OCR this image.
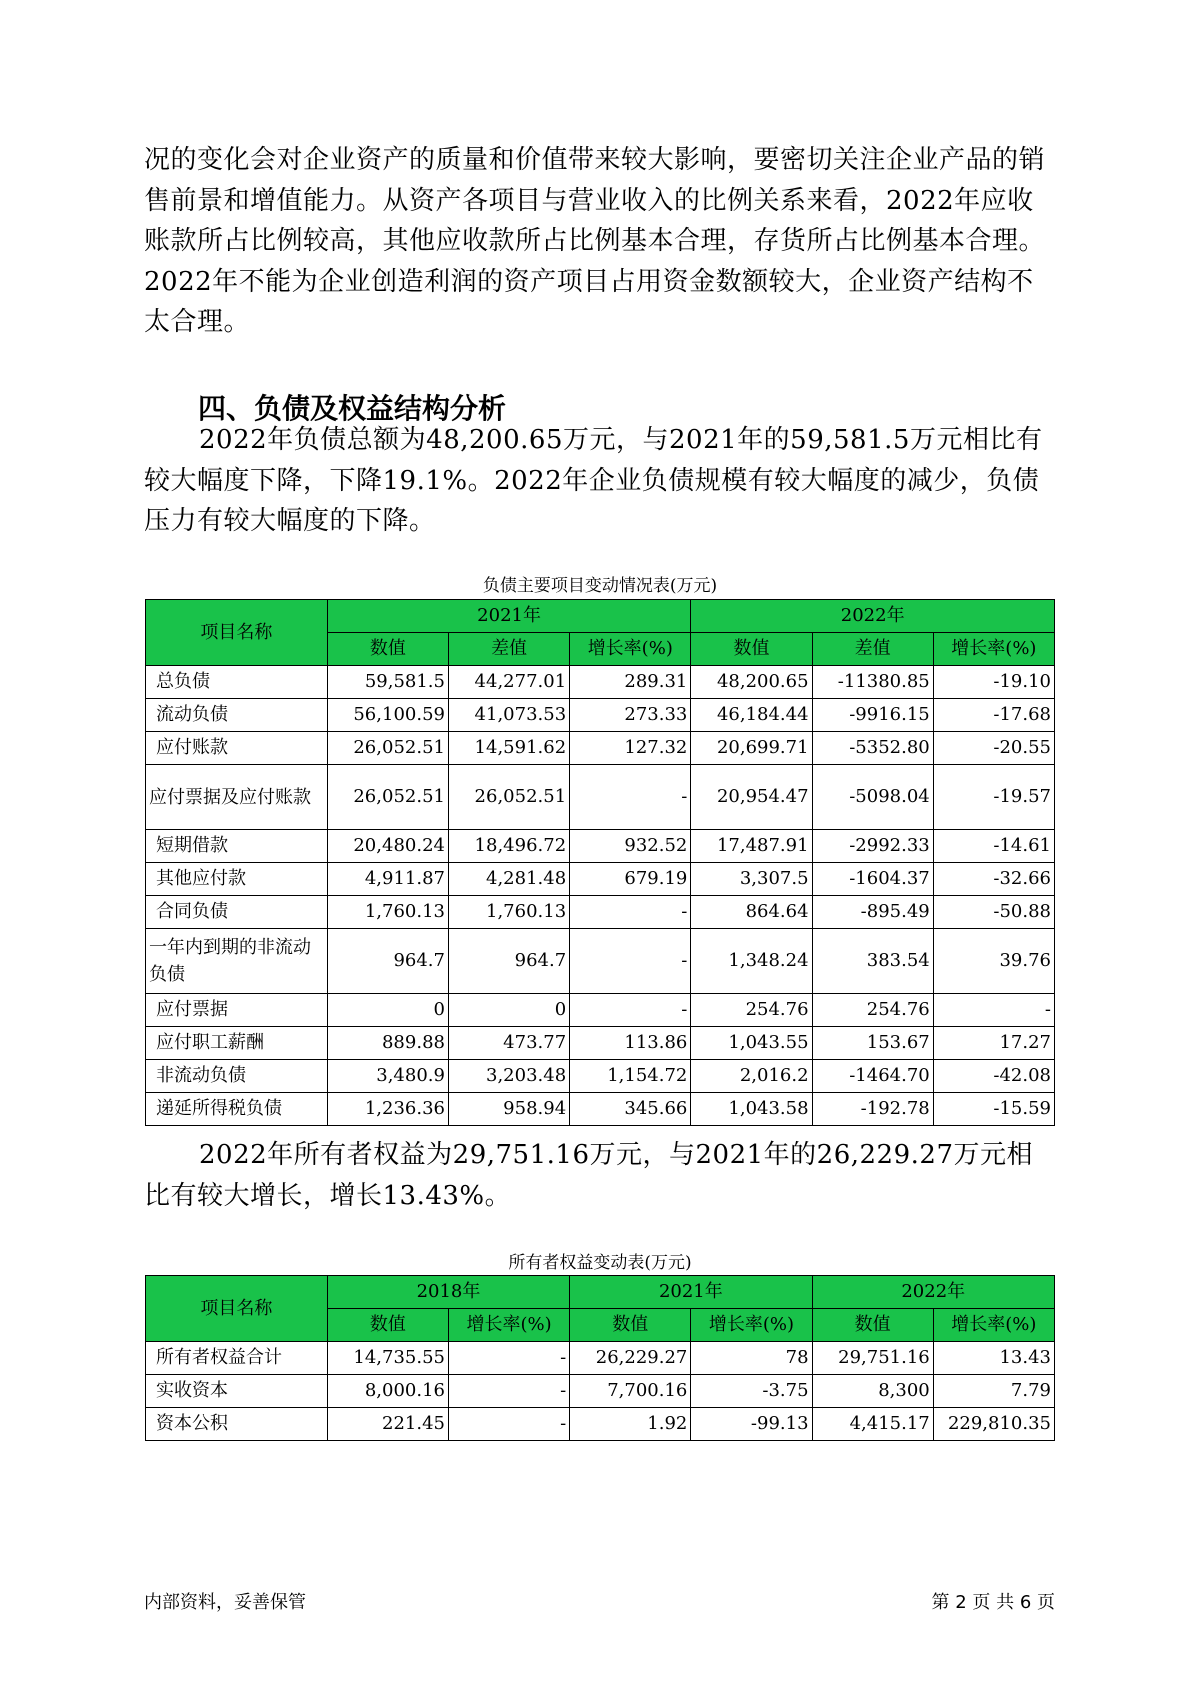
况的变化会对企业资产的质量和价值带来较大影响，要密切关注企业产品的销售前景和增值能力。从资产各项目与营业收入的比例关系来看，2022年应收账款所占比例较高，其他应收款所占比例基本合理，存货所占比例基本合理。2022年不能为企业创造利润的资产项目占用资金数额较大，企业资产结构不太合理。

四、负债及权益结构分析

2022年负债总额为48,200.65万元，与2021年的59,581.5万元相比有较大幅度下降，下降19.1%。2022年企业负债规模有较大幅度的减少，负债压力有较大幅度的下降。

负债主要项目变动情况表(万元)
项目名称	2021年			2022年		
	数值	差值	增长率(%)	数值	差值	增长率(%)
总负债	59,581.5	44,277.01	289.31	48,200.65	-11380.85	-19.10
流动负债	56,100.59	41,073.53	273.33	46,184.44	-9916.15	-17.68
应付账款	26,052.51	14,591.62	127.32	20,699.71	-5352.80	-20.55
应付票据及应付账款	26,052.51	26,052.51	-	20,954.47	-5098.04	-19.57
短期借款	20,480.24	18,496.72	932.52	17,487.91	-2992.33	-14.61
其他应付款	4,911.87	4,281.48	679.19	3,307.5	-1604.37	-32.66
合同负债	1,760.13	1,760.13	-	864.64	-895.49	-50.88
一年内到期的非流动负债	964.7	964.7	-	1,348.24	383.54	39.76
应付票据	0	0	-	254.76	254.76	-
应付职工薪酬	889.88	473.77	113.86	1,043.55	153.67	17.27
非流动负债	3,480.9	3,203.48	1,154.72	2,016.2	-1464.70	-42.08
递延所得税负债	1,236.36	958.94	345.66	1,043.58	-192.78	-15.59

2022年所有者权益为29,751.16万元，与2021年的26,229.27万元相比有较大增长，增长13.43%。

所有者权益变动表(万元)
项目名称	2018年		2021年		2022年	
	数值	增长率(%)	数值	增长率(%)	数值	增长率(%)
所有者权益合计	14,735.55	-	26,229.27	78	29,751.16	13.43
实收资本	8,000.16	-	7,700.16	-3.75	8,300	7.79
资本公积	221.45	-	1.92	-99.13	4,415.17	229,810.35
内部资料，妥善保管	第 2 页 共 6 页
